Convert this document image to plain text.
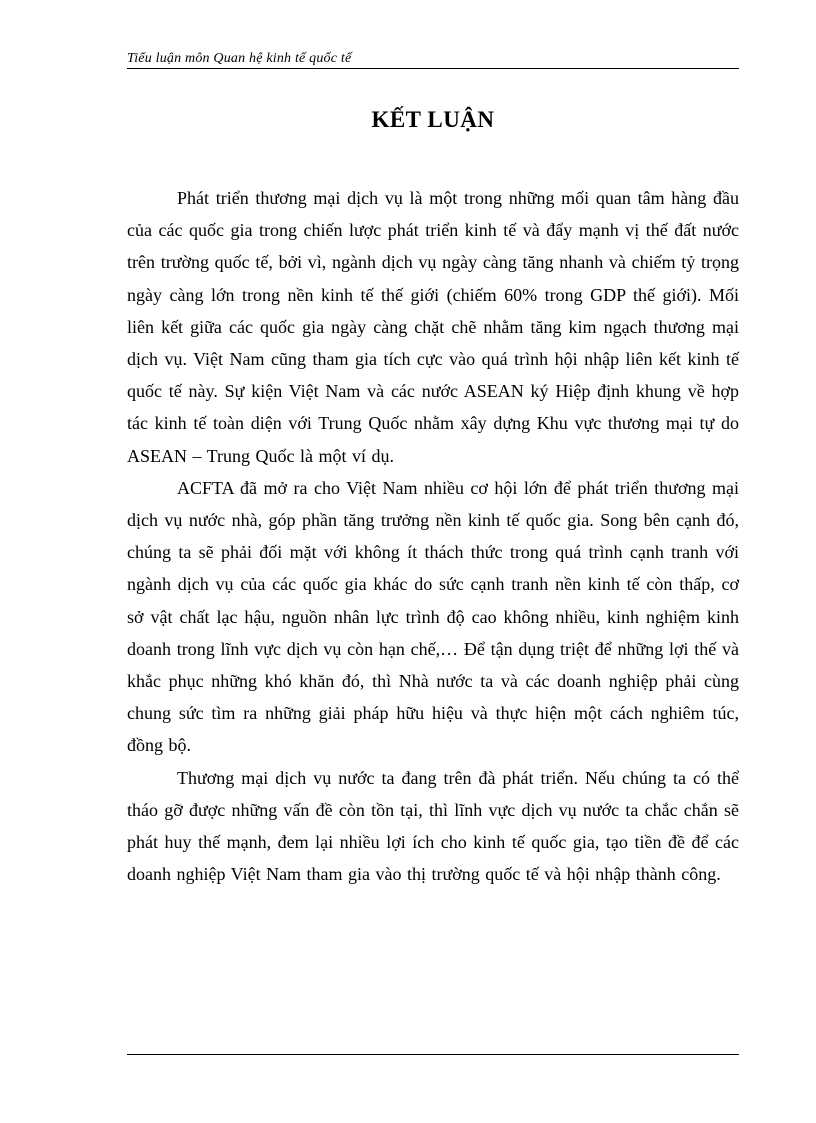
Tiểu luận môn Quan hệ kinh tế quốc tế
KẾT LUẬN

Phát triển thương mại dịch vụ là một trong những mối quan tâm hàng đầu của các quốc gia trong chiến lược phát triển kinh tế và đẩy mạnh vị thế đất nước trên trường quốc tế, bởi vì, ngành dịch vụ ngày càng tăng nhanh và chiếm tỷ trọng ngày càng lớn trong nền kinh tế thế giới (chiếm 60% trong GDP thế giới). Mối liên kết giữa các quốc gia ngày càng chặt chẽ nhằm tăng kim ngạch thương mại dịch vụ. Việt Nam cũng tham gia tích cực vào quá trình hội nhập liên kết kinh tế quốc tế này. Sự kiện Việt Nam và các nước ASEAN ký Hiệp định khung về hợp tác kinh tế toàn diện với Trung Quốc nhằm xây dựng Khu vực thương mại tự do ASEAN – Trung Quốc là một ví dụ.

ACFTA đã mở ra cho Việt Nam nhiều cơ hội lớn để phát triển thương mại dịch vụ nước nhà, góp phần tăng trưởng nền kinh tế quốc gia. Song bên cạnh đó, chúng ta sẽ phải đối mặt với không ít thách thức trong quá trình cạnh tranh với ngành dịch vụ của các quốc gia khác do sức cạnh tranh nền kinh tế còn thấp, cơ sở vật chất lạc hậu, nguồn nhân lực trình độ cao không nhiều, kinh nghiệm kinh doanh trong lĩnh vực dịch vụ còn hạn chế,… Để tận dụng triệt để những lợi thế và khắc phục những khó khăn đó, thì Nhà nước ta và các doanh nghiệp phải cùng chung sức tìm ra những giải pháp hữu hiệu và thực hiện một cách nghiêm túc, đồng bộ.

Thương mại dịch vụ nước ta đang trên đà phát triển. Nếu chúng ta có thể tháo gỡ được những vấn đề còn tồn tại, thì lĩnh vực dịch vụ nước ta chắc chắn sẽ phát huy thế mạnh, đem lại nhiều lợi ích cho kinh tế quốc gia, tạo tiền đề để các doanh nghiệp Việt Nam tham gia vào thị trường quốc tế và hội nhập thành công.
